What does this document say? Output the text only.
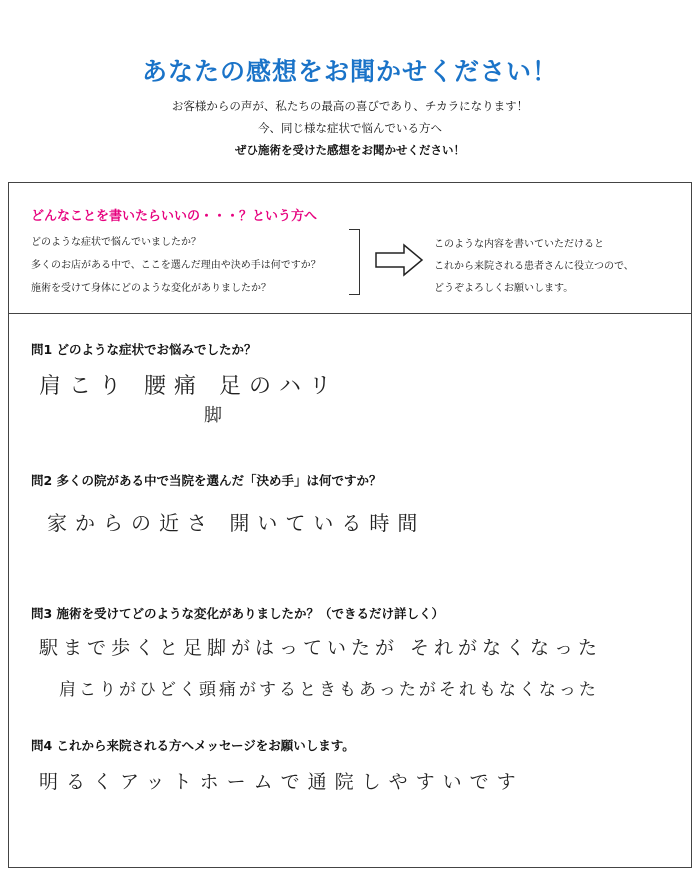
あなたの感想をお聞かせください！
お客様からの声が、私たちの最高の喜びであり、チカラになります！
今、同じ様な症状で悩んでいる方へ
ぜひ施術を受けた感想をお聞かせください！
どんなことを書いたらいいの・・・？という方へ
どのような症状で悩んでいましたか？
多くのお店がある中で、ここを選んだ理由や決め手は何ですか？
施術を受けて身体にどのような変化がありましたか？
このような内容を書いていただけると
これから来院される患者さんに役立つので、
どうぞよろしくお願いします。
問1 どのような症状でお悩みでしたか？
肩こり 腰痛 足のハリ
脚
問2 多くの院がある中で当院を選んだ「決め手」は何ですか？
家からの近さ 開いている時間
問3 施術を受けてどのような変化がありましたか？（できるだけ詳しく）
駅まで歩くと足脚がはっていたが それがなくなった
肩こりがひどく頭痛がするときもあったがそれもなくなった
問4 これから来院される方へメッセージをお願いします。
明るくアットホームで通院しやすいです
